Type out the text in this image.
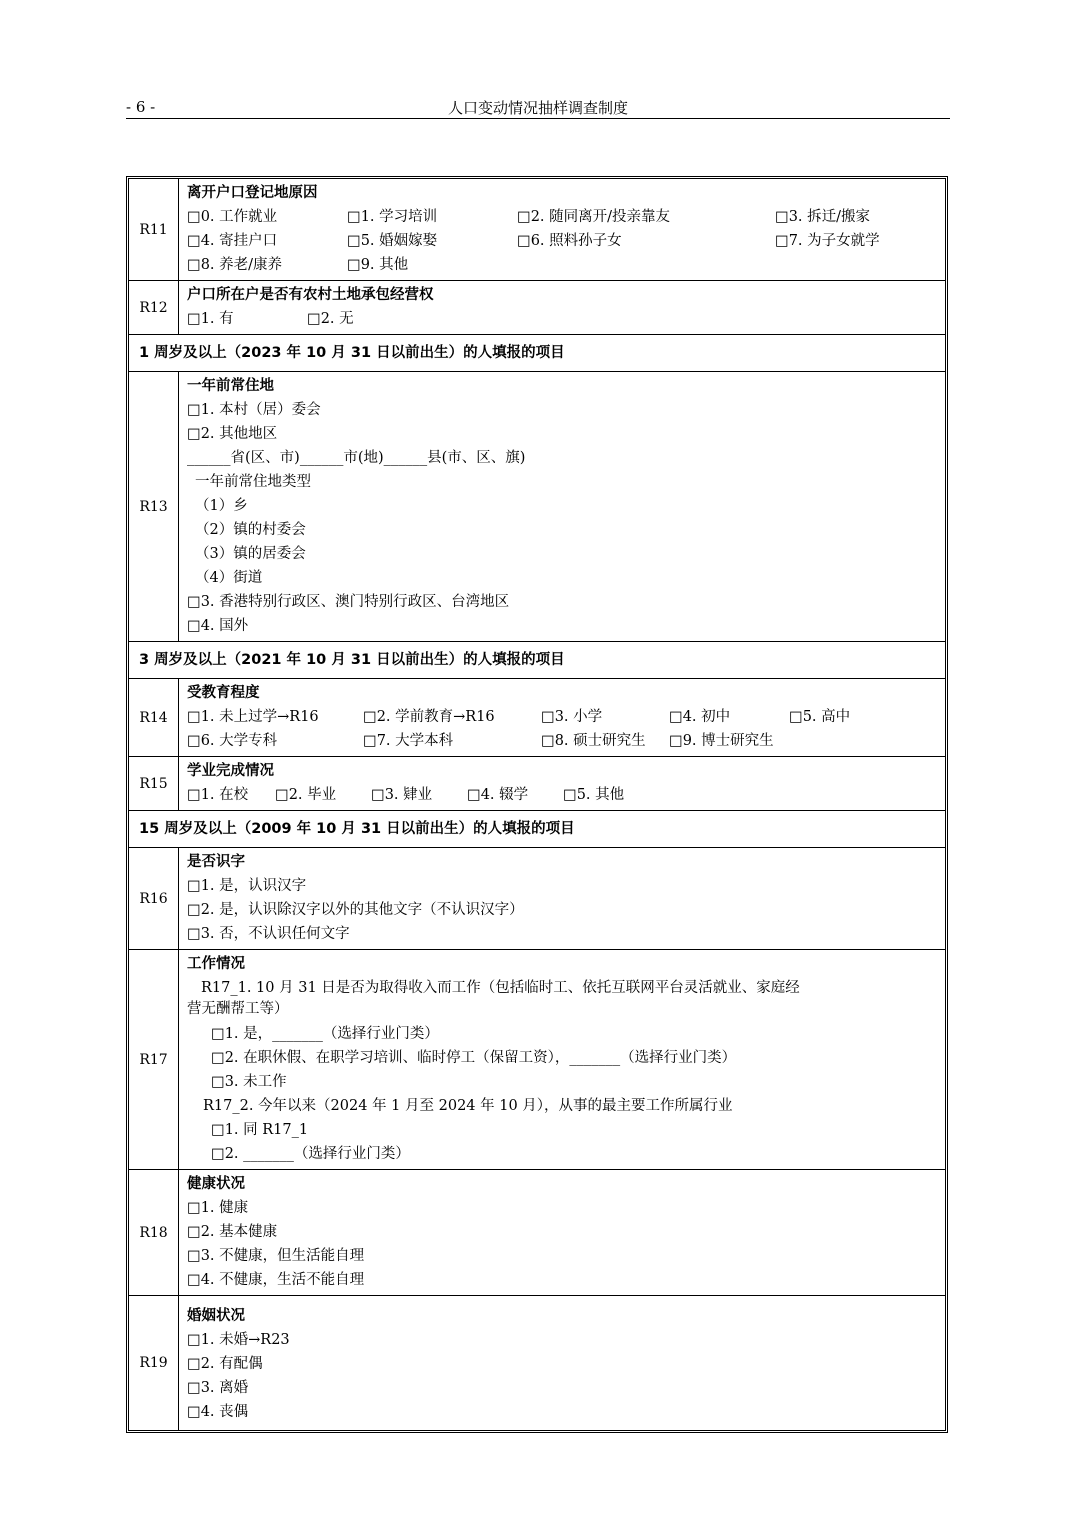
- 6 -	人口变动情况抽样调查制度
R11
离开户口登记地原因
□0. 工作就业	□1. 学习培训	□2. 随同离开/投亲靠友	□3. 拆迁/搬家
□4. 寄挂户口	□5. 婚姻嫁娶	□6. 照料孙子女	□7. 为子女就学
□8. 养老/康养	□9. 其他
R12
户口所在户是否有农村土地承包经营权
□1. 有	□2. 无
1 周岁及以上（2023 年 10 月 31 日以前出生）的人填报的项目
R13
一年前常住地
□1. 本村（居）委会
□2. 其他地区
______省(区、市)______市(地)______县(市、区、旗)
一年前常住地类型
（1）乡
（2）镇的村委会
（3）镇的居委会
（4）街道
□3. 香港特别行政区、澳门特别行政区、台湾地区
□4. 国外
3 周岁及以上（2021 年 10 月 31 日以前出生）的人填报的项目
R14
受教育程度
□1. 未上过学→R16	□2. 学前教育→R16	□3. 小学	□4. 初中	□5. 高中
□6. 大学专科	□7. 大学本科	□8. 硕士研究生 □9. 博士研究生
R15
学业完成情况
□1. 在校 □2. 毕业 □3. 肄业 □4. 辍学 □5. 其他
15 周岁及以上（2009 年 10 月 31 日以前出生）的人填报的项目
R16
是否识字
□1. 是，认识汉字
□2. 是，认识除汉字以外的其他文字（不认识汉字）
□3. 否，不认识任何文字
R17
工作情况
R17_1. 10 月 31 日是否为取得收入而工作（包括临时工、依托互联网平台灵活就业、家庭经营无酬帮工等）
□1. 是，_______（选择行业门类）
□2. 在职休假、在职学习培训、临时停工（保留工资），_______（选择行业门类）
□3. 未工作
R17_2. 今年以来（2024 年 1 月至 2024 年 10 月），从事的最主要工作所属行业
□1. 同 R17_1
□2. _______（选择行业门类）
R18
健康状况
□1. 健康
□2. 基本健康
□3. 不健康，但生活能自理
□4. 不健康，生活不能自理
R19
婚姻状况
□1. 未婚→R23
□2. 有配偶
□3. 离婚
□4. 丧偶
